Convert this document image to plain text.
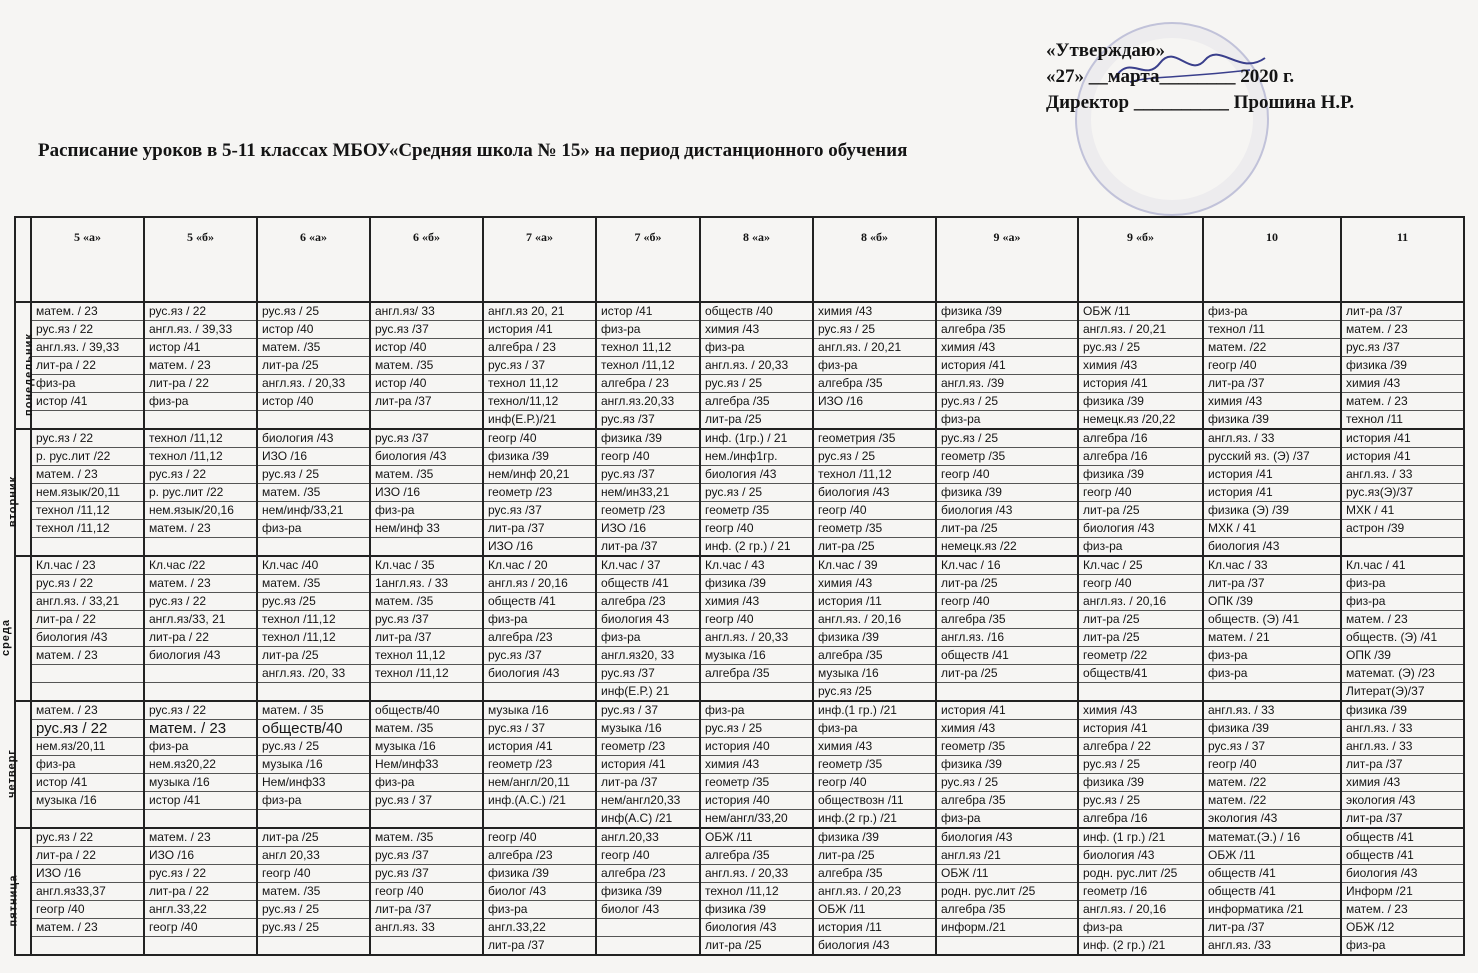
«Утверждаю»
«27» __марта________ 2020 г.
Директор __________ Прошина Н.Р.
Расписание уроков в 5-11 классах МБОУ«Средняя школа № 15» на период дистанционного обучения
	5 «а»	5 «б»	6 «а»	6 «б»	7 «а»	7 «б»	8 «а»	8 «б»	9 «а»	9 «б»	10	11

понедельник	матем. / 23	рус.яз / 22	рус.яз / 25	англ.яз/ 33	англ.яз 20, 21	истор /41	обществ /40	химия /43	физика /39	ОБЖ /11	физ-ра	лит-ра /37
	рус.яз / 22	англ.яз. / 39,33	истор /40	рус.яз /37	история /41	физ-ра	химия /43	рус.яз / 25	алгебра /35	англ.яз. / 20,21	технол /11	матем. / 23
	англ.яз. / 39,33	истор /41	матем. /35	истор /40	алгебра / 23	технол 11,12	физ-ра	англ.яз. / 20,21	химия /43	рус.яз / 25	матем. /22	рус.яз /37
	лит-ра / 22	матем. / 23	лит-ра /25	матем. /35	рус.яз / 37	технол /11,12	англ.яз. / 20,33	физ-ра	история /41	химия /43	геогр /40	физика /39
	физ-ра	лит-ра / 22	англ.яз. / 20,33	истор /40	технол 11,12	алгебра / 23	рус.яз / 25	алгебра /35	англ.яз. /39	история /41	лит-ра /37	химия /43
	истор /41	физ-ра	истор /40	лит-ра /37	технол/11,12	англ.яз.20,33	алгебра /35	ИЗО /16	рус.яз / 25	физика /39	химия /43	матем. / 23
					инф(Е.Р.)/21	рус.яз /37	лит-ра /25		физ-ра	немецк.яз /20,22	физика /39	технол /11

вторник	рус.яз / 22	технол /11,12	биология /43	рус.яз /37	геогр /40	физика /39	инф. (1гр.) / 21	геометрия /35	рус.яз / 25	алгебра /16	англ.яз. / 33	история /41
	р. рус.лит /22	технол /11,12	ИЗО /16	биология /43	физика /39	геогр /40	нем./инф1гр.	рус.яз / 25	геометр /35	алгебра /16	русский яз. (Э) /37	история /41
	матем. / 23	рус.яз / 22	рус.яз / 25	матем. /35	нем/инф 20,21	рус.яз /37	биология /43	технол /11,12	геогр /40	физика /39	история /41	англ.яз. / 33
	нем.языκ/20,11	р. рус.лит /22	матем. /35	ИЗО /16	геометр /23	нем/ин33,21	рус.яз / 25	биология /43	физика /39	геогр /40	история /41	рус.яз(Э)/37
	технол /11,12	нем.языκ/20,16	нем/инф/33,21	физ-ра	рус.яз /37	геометр /23	геометр /35	геогр /40	биология /43	лит-ра /25	физика (Э) /39	МХК / 41
	технол /11,12	матем. / 23	физ-ра	нем/инф 33	лит-ра /37	ИЗО /16	геогр /40	геометр /35	лит-ра /25	биология /43	МХК / 41	астрон /39
					ИЗО /16	лит-ра /37	инф. (2 гр.) / 21	лит-ра /25	немецк.яз /22	физ-ра	биология /43	

среда	Кл.час / 23	Кл.час /22	Кл.час /40	Кл.час / 35	Кл.час / 20	Кл.час / 37	Кл.час / 43	Кл.час / 39	Кл.час / 16	Кл.час / 25	Кл.час / 33	Кл.час / 41
	рус.яз / 22	матем. / 23	матем. /35	1англ.яз. / 33	англ.яз / 20,16	обществ /41	физика /39	химия /43	лит-ра /25	геогр /40	лит-ра /37	физ-ра
	англ.яз. / 33,21	рус.яз / 22	рус.яз /25	матем. /35	обществ /41	алгебра /23	химия /43	история /11	геогр /40	англ.яз. / 20,16	ОПК /39	физ-ра
	лит-ра / 22	англ.яз/33, 21	технол /11,12	рус.яз /37	физ-ра	биология 43	геогр /40	англ.яз. / 20,16	алгебра /35	лит-ра /25	обществ. (Э) /41	матем. / 23
	биология /43	лит-ра / 22	технол /11,12	лит-ра /37	алгебра /23	физ-ра	англ.яз. / 20,33	физика /39	англ.яз. /16	лит-ра /25	матем. / 21	обществ. (Э) /41
	матем. / 23	биология /43	лит-ра /25	технол 11,12	рус.яз /37	англ.яз20, 33	музыка /16	алгебра /35	обществ /41	геометр /22	физ-ра	ОПК /39
			англ.яз. /20, 33	технол /11,12	биология /43	рус.яз /37	алгебра /35	музыка /16	лит-ра /25	обществ/41	физ-ра	математ. (Э) /23
						инф(Е.Р.) 21		рус.яз /25				Литерат(Э)/37

четверг	матем. / 23	рус.яз / 22	матем. / 35	обществ/40	музыка /16	рус.яз / 37	физ-ра	инф.(1 гр.) /21	история /41	химия /43	англ.яз. / 33	физика /39
	рус.яз / 22	матем. / 23	обществ/40	матем. /35	рус.яз / 37	музыка /16	рус.яз / 25	физ-ра	химия /43	история /41	физика /39	англ.яз. / 33
	нем.яз/20,11	физ-ра	рус.яз / 25	музыка /16	история /41	геометр /23	история /40	химия /43	геометр /35	алгебра / 22	рус.яз / 37	англ.яз. / 33
	физ-ра	нем.яз20,22	музыка /16	Нем/инф33	геометр /23	история /41	химия /43	геометр /35	физика /39	рус.яз / 25	геогр /40	лит-ра /37
	истор /41	музыка /16	Нем/инф33	физ-ра	нем/англ/20,11	лит-ра /37	геометр /35	геогр /40	рус.яз / 25	физика /39	матем. /22	химия /43
	музыка /16	истор /41	физ-ра	рус.яз / 37	инф.(А.С.) /21	нем/англ20,33	история /40	обществозн /11	алгебра /35	рус.яз / 25	матем. /22	экология /43
						инф(А.С) /21	нем/англ/33,20	инф.(2 гр.) /21	физ-ра	алгебра /16	экология /43	лит-ра /37

пятница	рус.яз / 22	матем. / 23	лит-ра /25	матем. /35	геогр /40	англ.20,33	ОБЖ /11	физика /39	биология /43	инф. (1 гр.) /21	математ.(Э.) / 16	обществ /41
	лит-ра / 22	ИЗО /16	англ 20,33	рус.яз /37	алгебра /23	геогр /40	алгебра /35	лит-ра /25	англ.яз /21	биология /43	ОБЖ /11	обществ /41
	ИЗО /16	рус.яз / 22	геогр /40	рус.яз /37	физика /39	алгебра /23	англ.яз. / 20,33	алгебра /35	ОБЖ /11	родн. рус.лит /25	обществ /41	биология /43
	англ.яз33,37	лит-ра / 22	матем. /35	геогр /40	биолог /43	физика /39	технол /11,12	англ.яз. / 20,23	родн. рус.лит /25	геометр /16	обществ /41	Информ /21
	геогр /40	англ.33,22	рус.яз / 25	лит-ра /37	физ-ра	биолог /43	физика /39	ОБЖ /11	алгебра /35	англ.яз. / 20,16	информатика /21	матем. / 23
	матем. / 23	геогр /40	рус.яз / 25	англ.яз. 33	англ.33,22		биология /43	история /11	информ./21	физ-ра	лит-ра /37	ОБЖ /12
					лит-ра /37		лит-ра /25	биология /43		инф. (2 гр.) /21	англ.яз. /33	физ-ра
